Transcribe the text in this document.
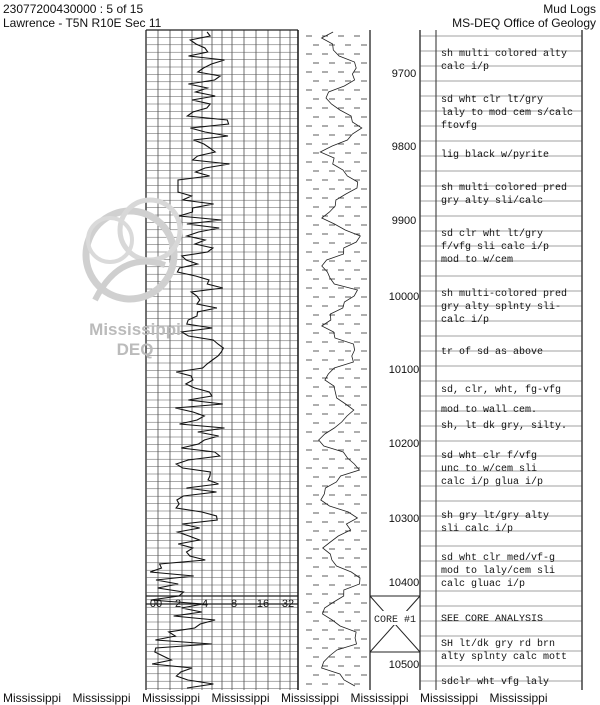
23077200430000 : 5 of 15
Lawrence - T5N R10E Sec 11
Mud Logs
MS-DEQ Office of Geology
9700
9800
9900
10000
10100
10200
10300
10400
10500
sh multi colored alty
calc i/p
sd wht clr lt/gry
laly to mod cem s/calc
ftovfg
lig black w/pyrite
sh multi colored pred
gry alty sli/calc
sd clr wht lt/gry
f/vfg sli calc i/p
mod to w/cem
sh multi-colored pred
gry alty splnty sli-
calc i/p
tr of sd as above
sd, clr, wht, fg-vfg
mod to wall cem.
sh, lt dk gry, silty.
sd wht clr f/vfg
unc to w/cem sli
calc i/p glua i/p
sh gry lt/gry alty
sli calc i/p
sd wht clr med/vf-g
mod to laly/cem sli
calc gluac i/p
SEE CORE ANALYSIS
SH lt/dk gry rd brn
alty splnty calc mott
sdclr wht vfg laly
00 2 4 8 16 32
CORE #1
Mississippi
DEQ
Mississippi Mississippi Mississippi Mississippi Mississippi Mississippi Mississippi Mississippi
